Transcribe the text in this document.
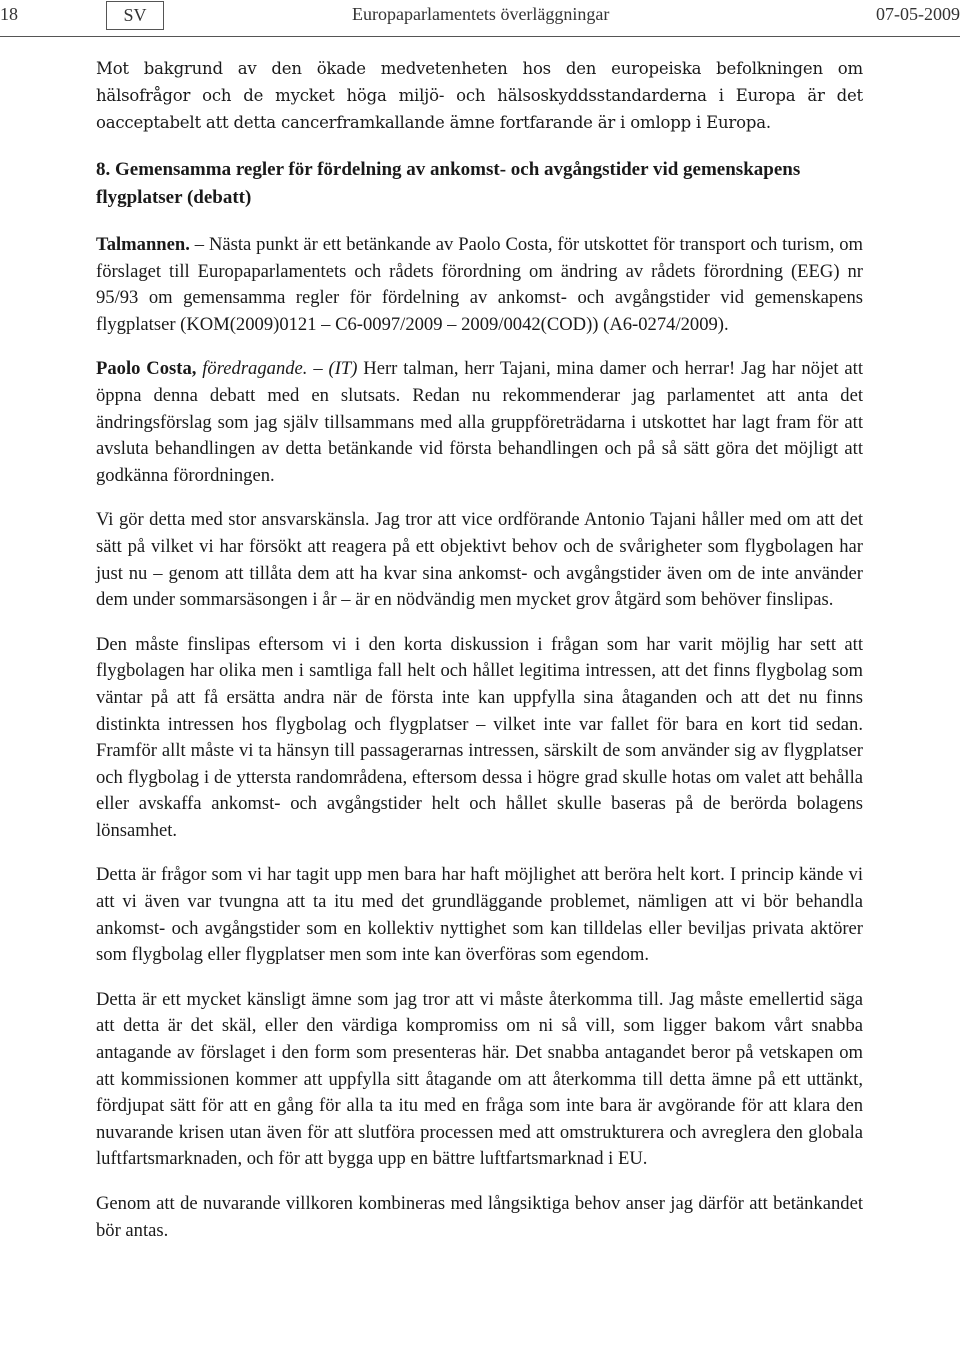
18	SV	Europaparlamentets överläggningar	07-05-2009

Mot bakgrund av den ökade medvetenheten hos den europeiska befolkningen om hälsofrågor och de mycket höga miljö- och hälsoskyddsstandarderna i Europa är det oacceptabelt att detta cancerframkallande ämne fortfarande är i omlopp i Europa.

8. Gemensamma regler för fördelning av ankomst- och avgångstider vid gemenskapens flygplatser (debatt)

Talmannen. – Nästa punkt är ett betänkande av Paolo Costa, för utskottet för transport och turism, om förslaget till Europaparlamentets och rådets förordning om ändring av rådets förordning (EEG) nr 95/93 om gemensamma regler för fördelning av ankomst- och avgångstider vid gemenskapens flygplatser (KOM(2009)0121 – C6-0097/2009 – 2009/0042(COD)) (A6-0274/2009).

Paolo Costa, föredragande. – (IT) Herr talman, herr Tajani, mina damer och herrar! Jag har nöjet att öppna denna debatt med en slutsats. Redan nu rekommenderar jag parlamentet att anta det ändringsförslag som jag själv tillsammans med alla gruppföreträdarna i utskottet har lagt fram för att avsluta behandlingen av detta betänkande vid första behandlingen och på så sätt göra det möjligt att godkänna förordningen.

Vi gör detta med stor ansvarskänsla. Jag tror att vice ordförande Antonio Tajani håller med om att det sätt på vilket vi har försökt att reagera på ett objektivt behov och de svårigheter som flygbolagen har just nu – genom att tillåta dem att ha kvar sina ankomst- och avgångstider även om de inte använder dem under sommarsäsongen i år – är en nödvändig men mycket grov åtgärd som behöver finslipas.

Den måste finslipas eftersom vi i den korta diskussion i frågan som har varit möjlig har sett att flygbolagen har olika men i samtliga fall helt och hållet legitima intressen, att det finns flygbolag som väntar på att få ersätta andra när de första inte kan uppfylla sina åtaganden och att det nu finns distinkta intressen hos flygbolag och flygplatser – vilket inte var fallet för bara en kort tid sedan. Framför allt måste vi ta hänsyn till passagerarnas intressen, särskilt de som använder sig av flygplatser och flygbolag i de yttersta randområdena, eftersom dessa i högre grad skulle hotas om valet att behålla eller avskaffa ankomst- och avgångstider helt och hållet skulle baseras på de berörda bolagens lönsamhet.

Detta är frågor som vi har tagit upp men bara har haft möjlighet att beröra helt kort. I princip kände vi att vi även var tvungna att ta itu med det grundläggande problemet, nämligen att vi bör behandla ankomst- och avgångstider som en kollektiv nyttighet som kan tilldelas eller beviljas privata aktörer som flygbolag eller flygplatser men som inte kan överföras som egendom.

Detta är ett mycket känsligt ämne som jag tror att vi måste återkomma till. Jag måste emellertid säga att detta är det skäl, eller den värdiga kompromiss om ni så vill, som ligger bakom vårt snabba antagande av förslaget i den form som presenteras här. Det snabba antagandet beror på vetskapen om att kommissionen kommer att uppfylla sitt åtagande om att återkomma till detta ämne på ett uttänkt, fördjupat sätt för att en gång för alla ta itu med en fråga som inte bara är avgörande för att klara den nuvarande krisen utan även för att slutföra processen med att omstrukturera och avreglera den globala luftfartsmarknaden, och för att bygga upp en bättre luftfartsmarknad i EU.

Genom att de nuvarande villkoren kombineras med långsiktiga behov anser jag därför att betänkandet bör antas.
